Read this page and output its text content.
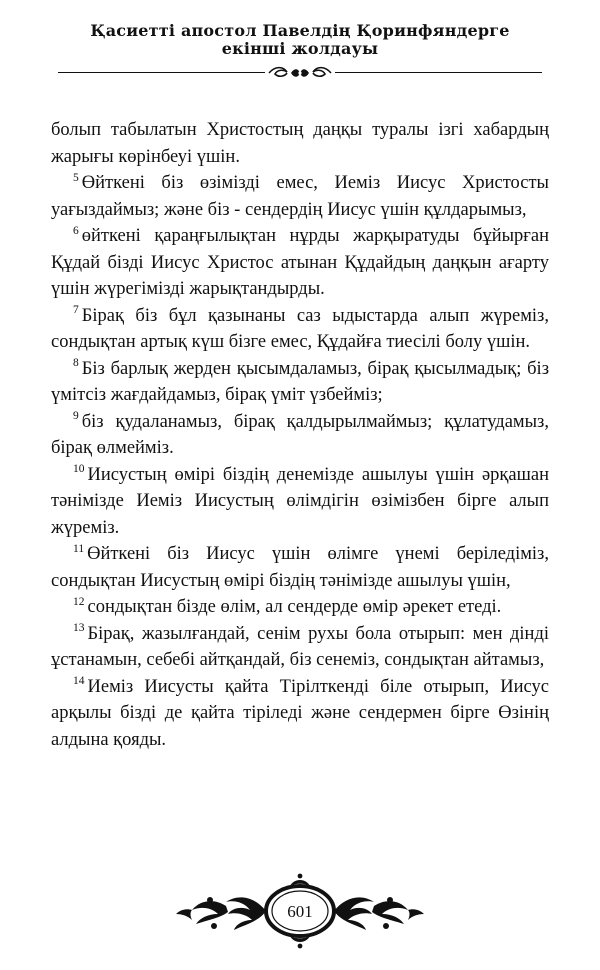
Қасиетті апостол Павелдің Қоринфяндерге
екінші жолдауы

болып табылатын Христостың даңқы туралы ізгі хабардың жарығы көрінбеуі үшін.

$^5$ Өйткені біз өзімізді емес, Иеміз Иисус Христосты уағыздаймыз; және біз - сендердің Иисус үшін құлдарымыз,

$^6$ өйткені қараңғылықтан нұрды жарқыратуды бұйырған Құдай бізді Иисус Христос атынан Құдайдың даңқын ағарту үшін жүрегімізді жарықтандырды.

$^7$ Бірақ біз бұл қазынаны саз ыдыстарда алып жүреміз, сондықтан артық күш бізге емес, Құдайға тиесілі болу үшін.

$^8$ Біз барлық жерден қысымдаламыз, бірақ қысылмадық; біз үмітсіз жағдайдамыз, бірақ үміт үзбейміз;

$^9$ біз қудаланамыз, бірақ қалдырылмаймыз; құлатудамыз, бірақ өлмейміз.

$^{10}$ Иисустың өмірі біздің денемізде ашылуы үшін әрқашан тәнімізде Иеміз Иисустың өлімдігін өзімізбен бірге алып жүреміз.

$^{11}$ Өйткені біз Иисус үшін өлімге үнемі беріледіміз, сондықтан Иисустың өмірі біздің тәнімізде ашылуы үшін,

$^{12}$ сондықтан бізде өлім, ал сендерде өмір әрекет етеді.

$^{13}$ Бірақ, жазылғандай, сенім рухы бола отырып: мен дінді ұстанамын, себебі айтқандай, біз сенеміз, сондықтан айтамыз,

$^{14}$ Иеміз Иисусты қайта Тірілткенді біле отырып, Иисус арқылы бізді де қайта тіріледі және сендермен бірге Өзінің алдына қояды.

601
